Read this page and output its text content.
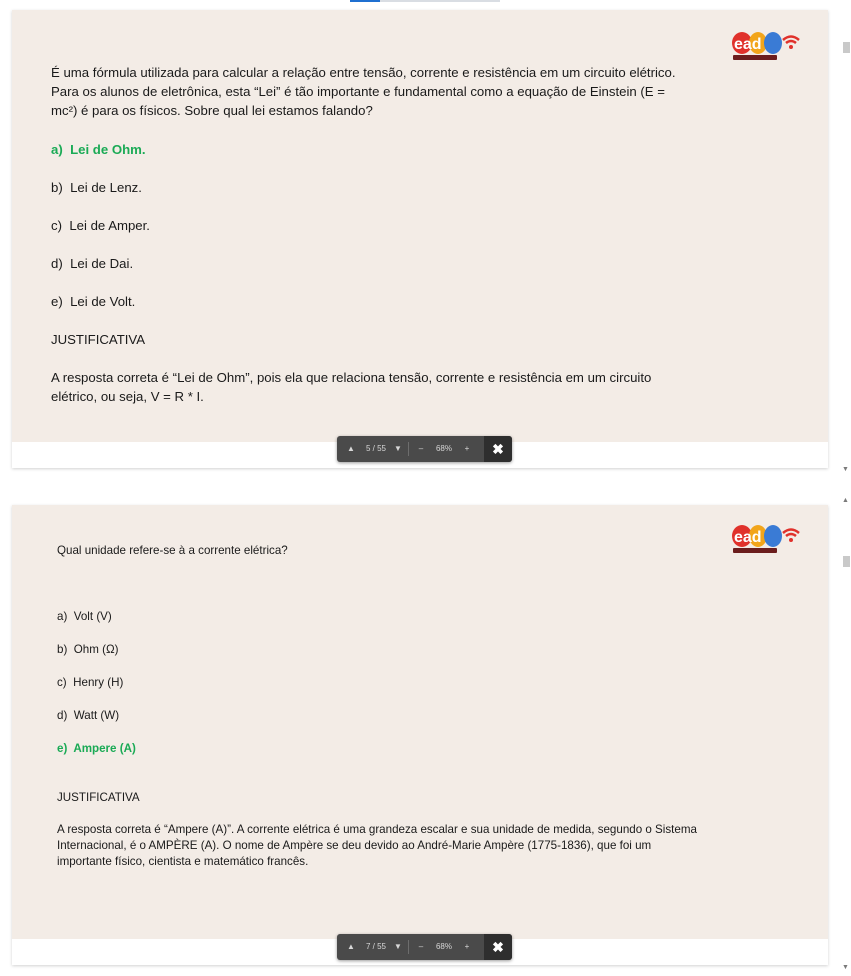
ead

É uma fórmula utilizada para calcular a relação entre tensão, corrente e resistência em um circuito elétrico. Para os alunos de eletrônica, esta “Lei” é tão importante e fundamental como a equação de Einstein (E = mc²) é para os físicos. Sobre qual lei estamos falando?

a) Lei de Ohm.
b) Lei de Lenz.
c) Lei de Amper.
d) Lei de Dai.
e) Lei de Volt.
JUSTIFICATIVA
A resposta correta é “Lei de Ohm”, pois ela que relaciona tensão, corrente e resistência em um circuito elétrico, ou seja, V = R * I.
▲	5 / 55	▼	–	68%	+	✖
ead
Qual unidade refere-se à a corrente elétrica?
a) Volt (V)
b) Ohm (Ω)
c) Henry (H)
d) Watt (W)
e) Ampere (A)
JUSTIFICATIVA
A resposta correta é “Ampere (A)”. A corrente elétrica é uma grandeza escalar e sua unidade de medida, segundo o Sistema Internacional, é o AMPÈRE (A). O nome de Ampère se deu devido ao André-Marie Ampère (1775-1836), que foi um importante físico, cientista e matemático francês.
▲	7 / 55	▼	–	68%	+	✖
▼
▲
▼
